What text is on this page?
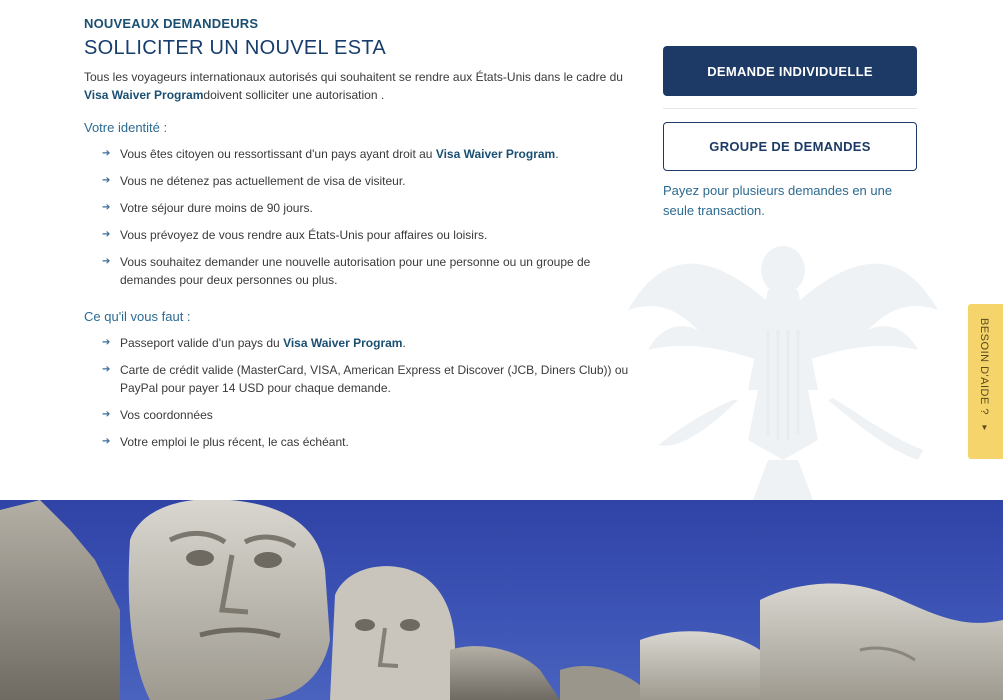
NOUVEAUX DEMANDEURS
SOLLICITER UN NOUVEL ESTA

Tous les voyageurs internationaux autorisés qui souhaitent se rendre aux États-Unis dans le cadre du Visa Waiver Programdoivent solliciter une autorisation .

Votre identité :
➔ Vous êtes citoyen ou ressortissant d'un pays ayant droit au Visa Waiver Program.
➔ Vous ne détenez pas actuellement de visa de visiteur.
➔ Votre séjour dure moins de 90 jours.
➔ Vous prévoyez de vous rendre aux États-Unis pour affaires ou loisirs.
➔ Vous souhaitez demander une nouvelle autorisation pour une personne ou un groupe de demandes pour deux personnes ou plus.
Ce qu'il vous faut :
➔ Passeport valide d'un pays du Visa Waiver Program.
➔ Carte de crédit valide (MasterCard, VISA, American Express et Discover (JCB, Diners Club)) ou PayPal pour payer 14 USD pour chaque demande.
➔ Vos coordonnées
➔ Votre emploi le plus récent, le cas échéant.
DEMANDE INDIVIDUELLE
GROUPE DE DEMANDES

Payez pour plusieurs demandes en une seule transaction.

BESOIN D'AIDE ? ▼
